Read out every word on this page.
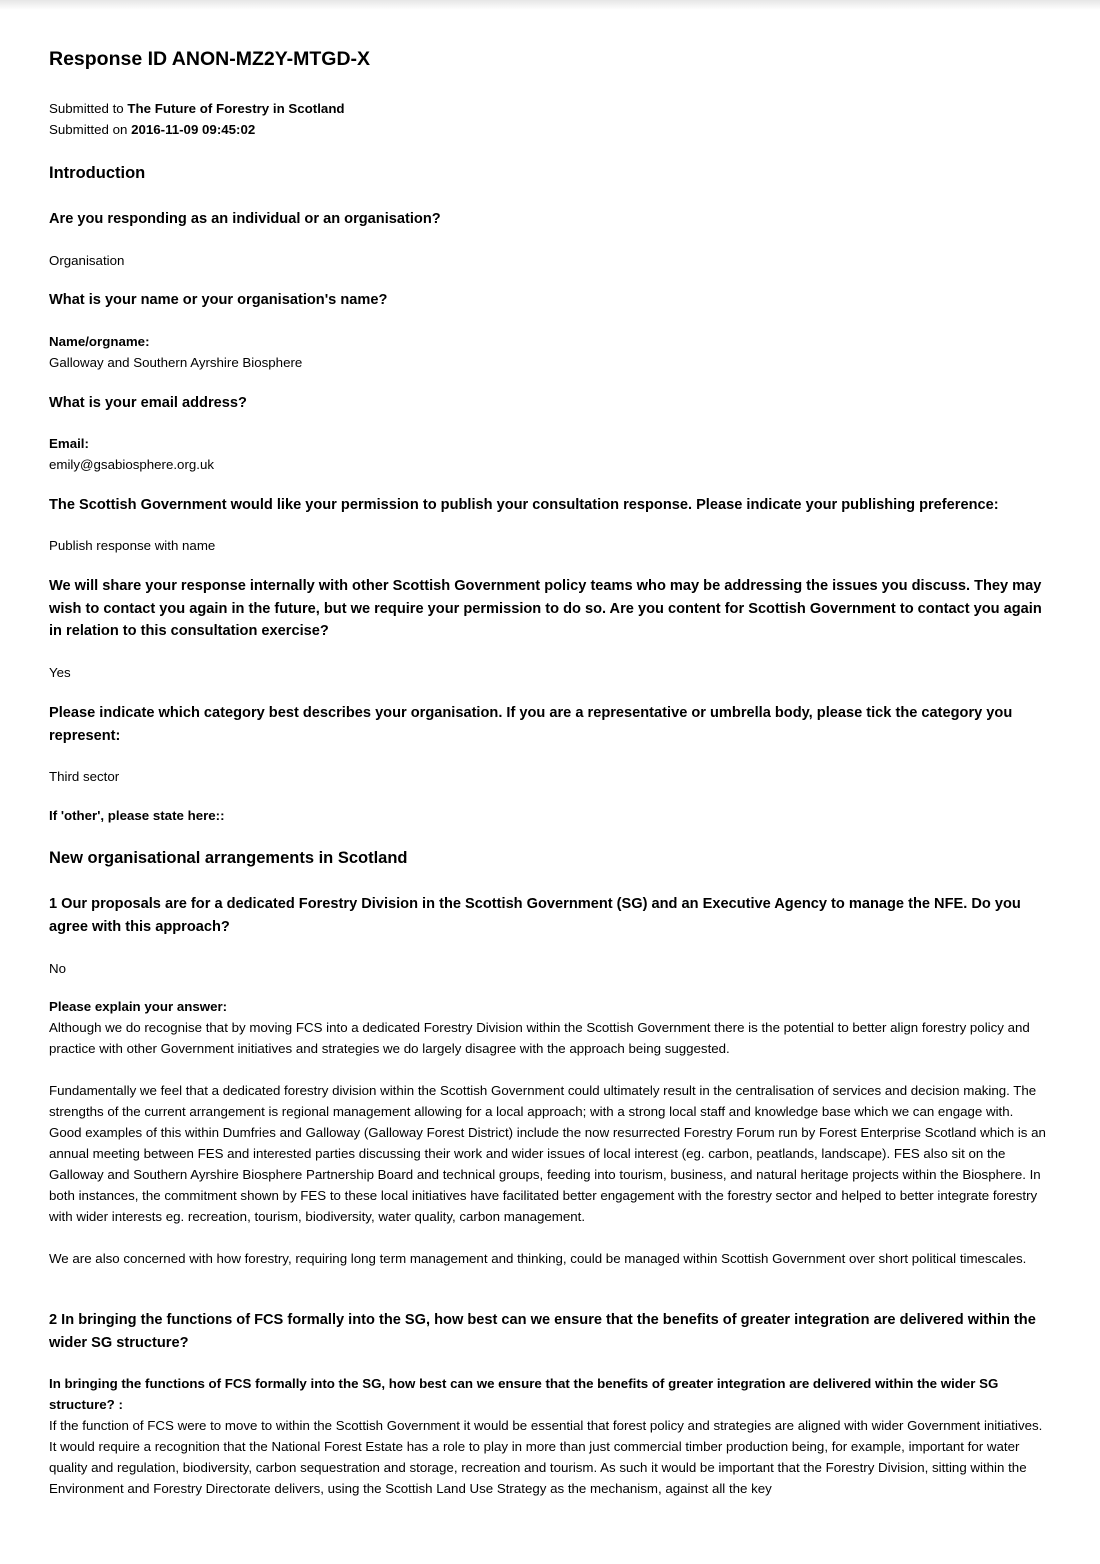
Response ID ANON-MZ2Y-MTGD-X
Submitted to The Future of Forestry in Scotland
Submitted on 2016-11-09 09:45:02
Introduction
Are you responding as an individual or an organisation?
Organisation
What is your name or your organisation's name?
Name/orgname:
Galloway and Southern Ayrshire Biosphere
What is your email address?
Email:
emily@gsabiosphere.org.uk
The Scottish Government would like your permission to publish your consultation response. Please indicate your publishing preference:
Publish response with name
We will share your response internally with other Scottish Government policy teams who may be addressing the issues you discuss. They may wish to contact you again in the future, but we require your permission to do so. Are you content for Scottish Government to contact you again in relation to this consultation exercise?
Yes
Please indicate which category best describes your organisation. If you are a representative or umbrella body, please tick the category you represent:
Third sector
If 'other', please state here::
New organisational arrangements in Scotland
1 Our proposals are for a dedicated Forestry Division in the Scottish Government (SG) and an Executive Agency to manage the NFE. Do you agree with this approach?
No
Please explain your answer:
Although we do recognise that by moving FCS into a dedicated Forestry Division within the Scottish Government there is the potential to better align forestry policy and practice with other Government initiatives and strategies we do largely disagree with the approach being suggested.
Fundamentally we feel that a dedicated forestry division within the Scottish Government could ultimately result in the centralisation of services and decision making. The strengths of the current arrangement is regional management allowing for a local approach; with a strong local staff and knowledge base which we can engage with. Good examples of this within Dumfries and Galloway (Galloway Forest District) include the now resurrected Forestry Forum run by Forest Enterprise Scotland which is an annual meeting between FES and interested parties discussing their work and wider issues of local interest (eg. carbon, peatlands, landscape). FES also sit on the Galloway and Southern Ayrshire Biosphere Partnership Board and technical groups, feeding into tourism, business, and natural heritage projects within the Biosphere. In both instances, the commitment shown by FES to these local initiatives have facilitated better engagement with the forestry sector and helped to better integrate forestry with wider interests eg. recreation, tourism, biodiversity, water quality, carbon management.
We are also concerned with how forestry, requiring long term management and thinking, could be managed within Scottish Government over short political timescales.
2 In bringing the functions of FCS formally into the SG, how best can we ensure that the benefits of greater integration are delivered within the wider SG structure?
In bringing the functions of FCS formally into the SG, how best can we ensure that the benefits of greater integration are delivered within the wider SG structure? :
If the function of FCS were to move to within the Scottish Government it would be essential that forest policy and strategies are aligned with wider Government initiatives. It would require a recognition that the National Forest Estate has a role to play in more than just commercial timber production being, for example, important for water quality and regulation, biodiversity, carbon sequestration and storage, recreation and tourism. As such it would be important that the Forestry Division, sitting within the Environment and Forestry Directorate delivers, using the Scottish Land Use Strategy as the mechanism, against all the key
